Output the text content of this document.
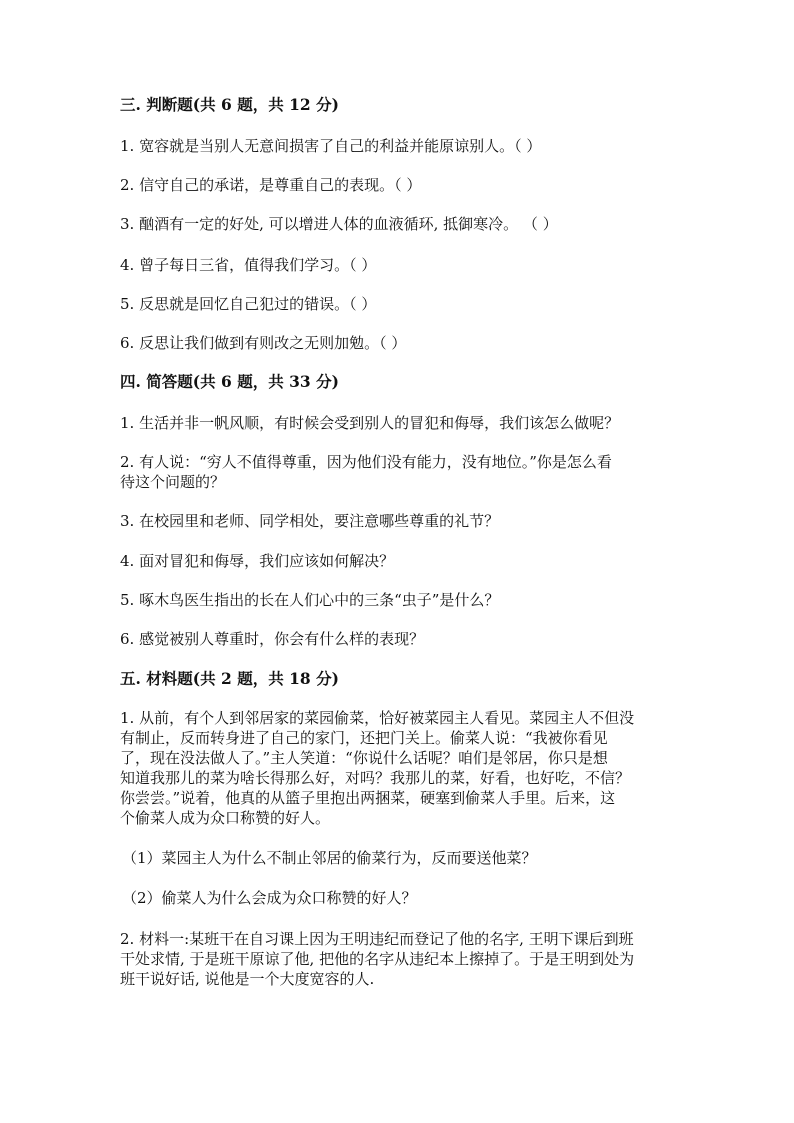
三. 判断题(共 6 题，共 12 分)
1. 宽容就是当别人无意间损害了自己的利益并能原谅别人。（ ）
2. 信守自己的承诺，是尊重自己的表现。（ ）
3. 酗酒有一定的好处, 可以增进人体的血液循环, 抵御寒冷。 （ ）
4. 曾子每日三省，值得我们学习。（ ）
5. 反思就是回忆自己犯过的错误。（ ）
6. 反思让我们做到有则改之无则加勉。（ ）
四. 简答题(共 6 题，共 33 分)
1. 生活并非一帆风顺，有时候会受到别人的冒犯和侮辱，我们该怎么做呢？
2. 有人说：“穷人不值得尊重，因为他们没有能力，没有地位。”你是怎么看
待这个问题的？
3. 在校园里和老师、同学相处，要注意哪些尊重的礼节？
4. 面对冒犯和侮辱，我们应该如何解决？
5. 啄木鸟医生指出的长在人们心中的三条“虫子”是什么？
6. 感觉被别人尊重时，你会有什么样的表现？
五. 材料题(共 2 题，共 18 分)
1. 从前，有个人到邻居家的菜园偷菜，恰好被菜园主人看见。菜园主人不但没
有制止，反而转身进了自己的家门，还把门关上。偷菜人说：“我被你看见
了，现在没法做人了。”主人笑道：“你说什么话呢？咱们是邻居，你只是想
知道我那儿的菜为啥长得那么好，对吗？我那儿的菜，好看，也好吃，不信？
你尝尝。”说着，他真的从篮子里抱出两捆菜，硬塞到偷菜人手里。后来，这
个偷菜人成为众口称赞的好人。
（1）菜园主人为什么不制止邻居的偷菜行为，反而要送他菜？
（2）偷菜人为什么会成为众口称赞的好人？
2. 材料一:某班干在自习课上因为王明违纪而登记了他的名字, 王明下课后到班
干处求情, 于是班干原谅了他, 把他的名字从违纪本上擦掉了。于是王明到处为
班干说好话, 说他是一个大度宽容的人.
